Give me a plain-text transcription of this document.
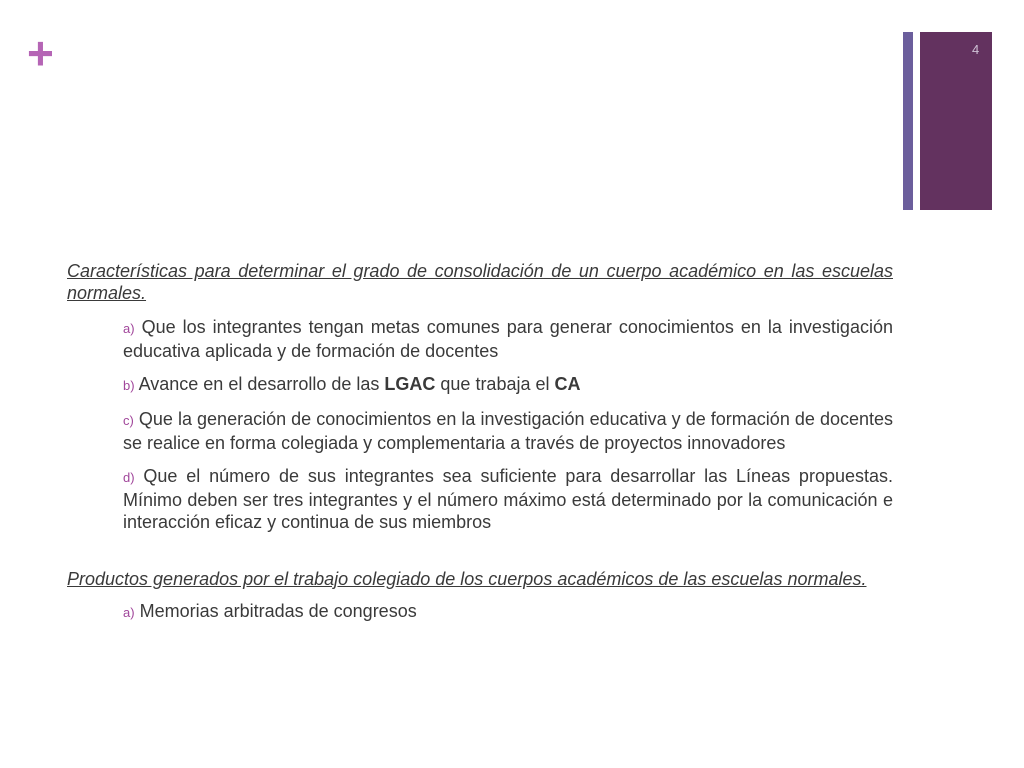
+	4

Características para determinar el grado de consolidación de un cuerpo académico en las escuelas normales.

a) Que los integrantes tengan metas comunes para generar conocimientos en la investigación educativa aplicada y de formación de docentes
b) Avance en el desarrollo de las LGAC que trabaja el CA
c) Que la generación de conocimientos en la investigación educativa y de formación de docentes se realice en forma colegiada y complementaria a través de proyectos innovadores
d) Que el número de sus integrantes sea suficiente para desarrollar las Líneas propuestas. Mínimo deben ser tres integrantes y el número máximo está determinado por la comunicación e interacción eficaz y continua de sus miembros

Productos generados por el trabajo colegiado de los cuerpos académicos de las escuelas normales.

a) Memorias arbitradas de congresos
